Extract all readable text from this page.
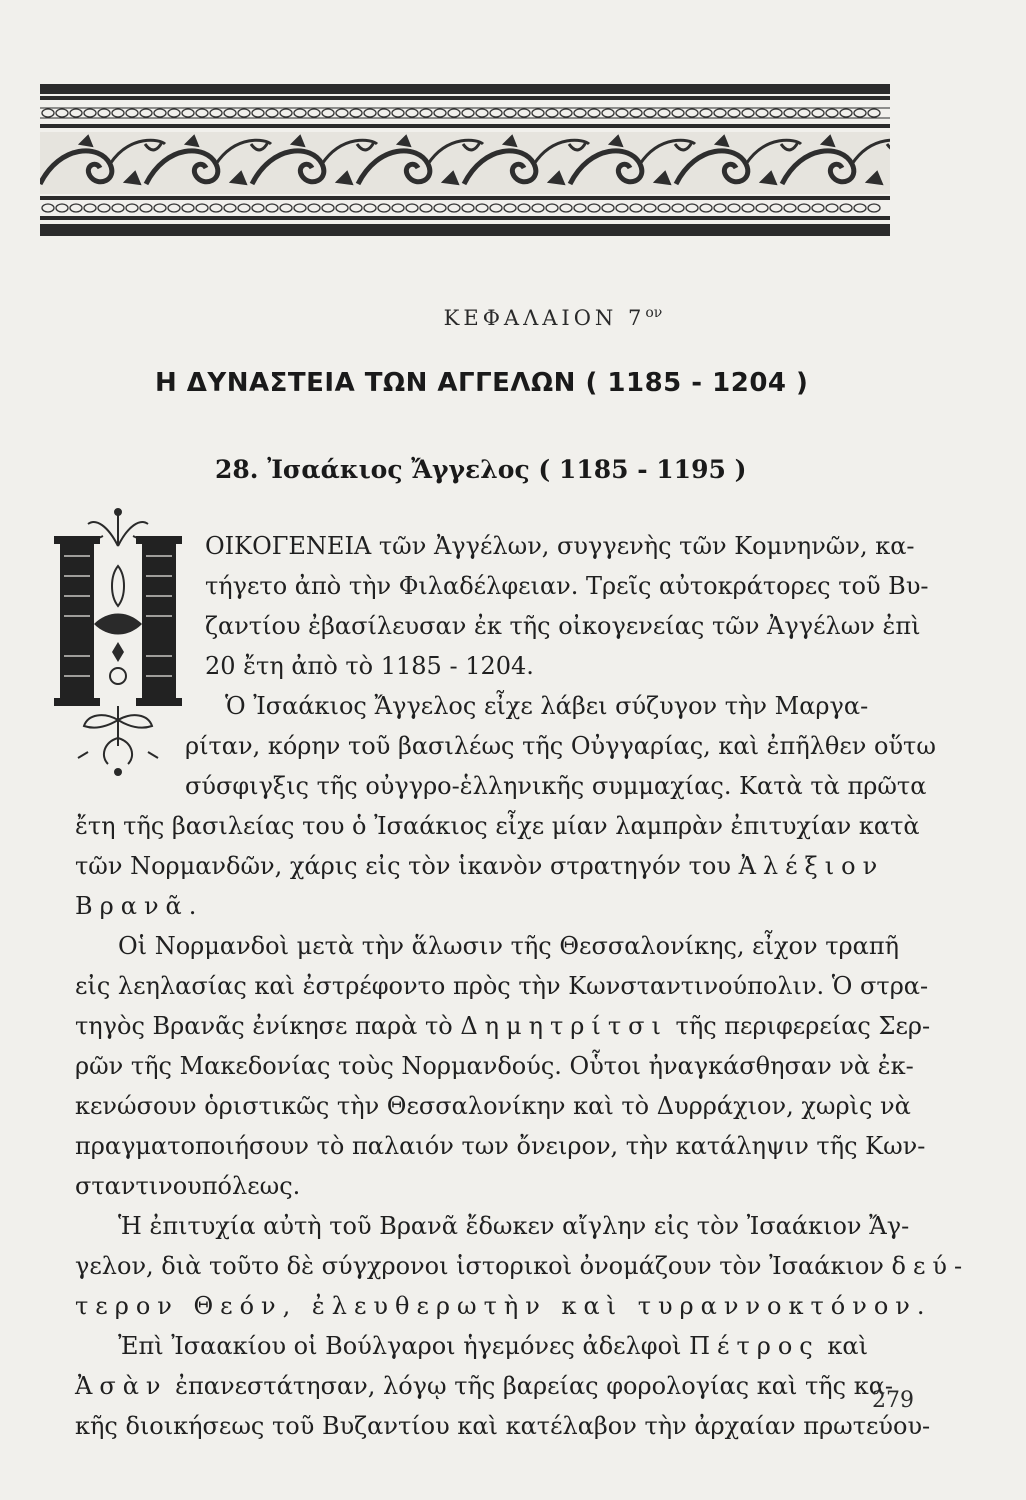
ΚΕΦΑΛΑΙΟΝ $7^{o\nu}$
Η ΔΥΝΑΣΤΕΙΑ ΤΩΝ ΑΓΓΕΛΩΝ ( 1185 - 1204 )
28. Ἰσαάκιος Ἄγγελος ( 1185 - 1195 )
ΟΙΚΟΓΕΝΕΙΑ τῶν Ἀγγέλων, συγγενὴς τῶν Κομνηνῶν, κα-
τήγετο ἀπὸ τὴν Φιλαδέλφειαν. Τρεῖς αὐτοκράτορες τοῦ Βυ-
ζαντίου ἐβασίλευσαν ἐκ τῆς οἰκογενείας τῶν Ἀγγέλων ἐπὶ
20 ἔτη ἀπὸ τὸ 1185 - 1204.
Ὁ Ἰσαάκιος Ἄγγελος εἶχε λάβει σύζυγον τὴν Μαργα-
ρίταν, κόρην τοῦ βασιλέως τῆς Οὐγγαρίας, καὶ ἐπῆλθεν οὕτω
σύσφιγξις τῆς οὐγγρο-ἑλληνικῆς συμμαχίας. Κατὰ τὰ πρῶτα
ἔτη τῆς βασιλείας του ὁ Ἰσαάκιος εἶχε μίαν λαμπρὰν ἐπιτυχίαν κατὰ
τῶν Νορμανδῶν, χάρις εἰς τὸν ἱκανὸν στρατηγόν του Ἀλέξιον
Βρανᾶ.
Οἱ Νορμανδοὶ μετὰ τὴν ἅλωσιν τῆς Θεσσαλονίκης, εἶχον τραπῆ
εἰς λεηλασίας καὶ ἐστρέφοντο πρὸς τὴν Κωνσταντινούπολιν. Ὁ στρα-
τηγὸς Βρανᾶς ἐνίκησε παρὰ τὸ Δημητρίτσι τῆς περιφερείας Σερ-
ρῶν τῆς Μακεδονίας τοὺς Νορμανδούς. Οὗτοι ἠναγκάσθησαν νὰ ἐκ-
κενώσουν ὁριστικῶς τὴν Θεσσαλονίκην καὶ τὸ Δυρράχιον, χωρὶς νὰ
πραγματοποιήσουν τὸ παλαιόν των ὄνειρον, τὴν κατάληψιν τῆς Κων-
σταντινουπόλεως.
Ἡ ἐπιτυχία αὐτὴ τοῦ Βρανᾶ ἔδωκεν αἴγλην εἰς τὸν Ἰσαάκιον Ἄγ-
γελον, διὰ τοῦτο δὲ σύγχρονοι ἱστορικοὶ ὀνομάζουν τὸν Ἰσαάκιον δεύ-
τερον Θεόν, ἐλευθερωτὴν καὶ τυραννοκτόνον.
Ἐπὶ Ἰσαακίου οἱ Βούλγαροι ἡγεμόνες ἀδελφοὶ Πέτρος καὶ
Ἀσὰν ἐπανεστάτησαν, λόγῳ τῆς βαρείας φορολογίας καὶ τῆς κα-
κῆς διοικήσεως τοῦ Βυζαντίου καὶ κατέλαβον τὴν ἀρχαίαν πρωτεύου-
279
